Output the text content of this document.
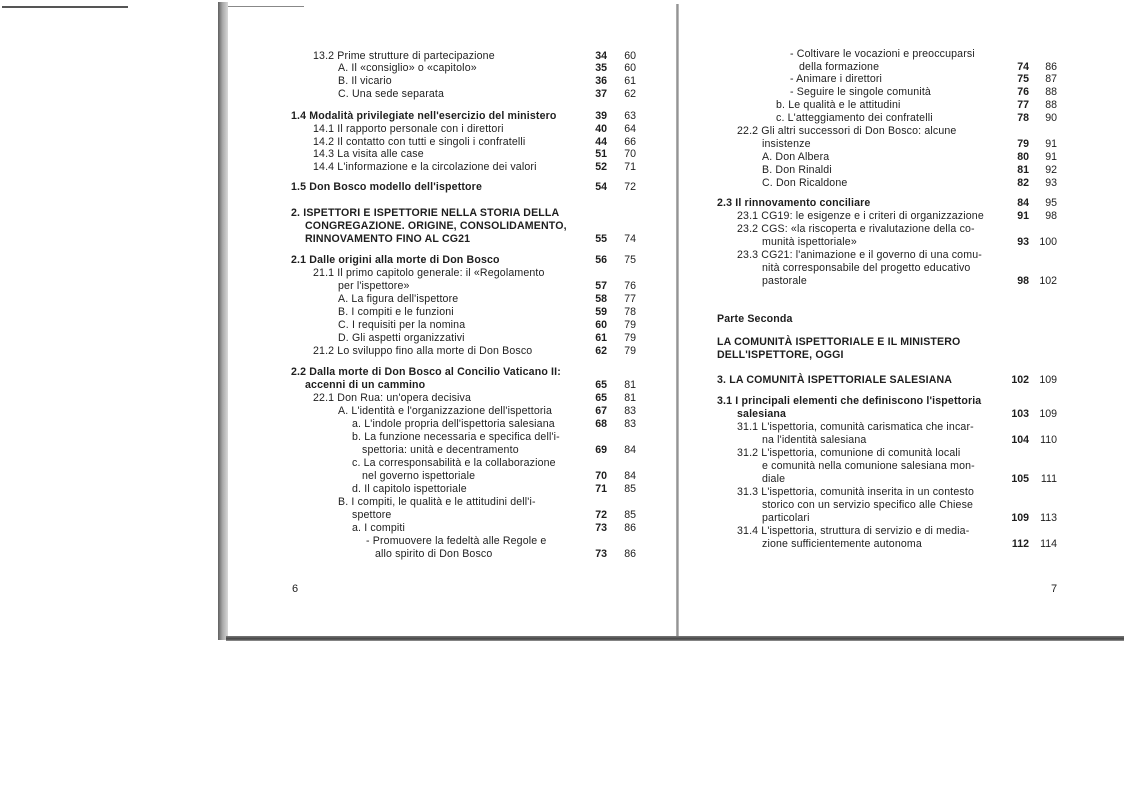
13.2 Prime strutture di partecipazione	34	60
A. Il «consiglio» o «capitolo»	35	60
B. Il vicario	36	61
C. Una sede separata	37	62
1.4 Modalità privilegiate nell'esercizio del ministero	39	63
14.1 Il rapporto personale con i direttori	40	64
14.2 Il contatto con tutti e singoli i confratelli	44	66
14.3 La visita alle case	51	70
14.4 L'informazione e la circolazione dei valori	52	71
1.5 Don Bosco modello dell'ispettore	54	72
2. ISPETTORI E ISPETTORIE NELLA STORIA DELLA
CONGREGAZIONE. ORIGINE, CONSOLIDAMENTO,
RINNOVAMENTO FINO AL CG21	55	74
2.1 Dalle origini alla morte di Don Bosco	56	75
21.1 Il primo capitolo generale: il «Regolamento
per l'ispettore»	57	76
A. La figura dell'ispettore	58	77
B. I compiti e le funzioni	59	78
C. I requisiti per la nomina	60	79
D. Gli aspetti organizzativi	61	79
21.2 Lo sviluppo fino alla morte di Don Bosco	62	79
2.2 Dalla morte di Don Bosco al Concilio Vaticano II:
accenni di un cammino	65	81
22.1 Don Rua: un'opera decisiva	65	81
A. L'identità e l'organizzazione dell'ispettoria	67	83
a. L'indole propria dell'ispettoria salesiana	68	83
b. La funzione necessaria e specifica dell'i-
spettoria: unità e decentramento	69	84
c. La corresponsabilità e la collaborazione
nel governo ispettoriale	70	84
d. Il capitolo ispettoriale	71	85
B. I compiti, le qualità e le attitudini dell'i-
spettore	72	85
a. I compiti	73	86
- Promuovere la fedeltà alle Regole e
allo spirito di Don Bosco	73	86
- Coltivare le vocazioni e preoccuparsi
della formazione	74	86
- Animare i direttori	75	87
- Seguire le singole comunità	76	88
b. Le qualità e le attitudini	77	88
c. L'atteggiamento dei confratelli	78	90
22.2 Gli altri successori di Don Bosco: alcune
insistenze	79	91
A. Don Albera	80	91
B. Don Rinaldi	81	92
C. Don Ricaldone	82	93
2.3 Il rinnovamento conciliare	84	95
23.1 CG19: le esigenze e i criteri di organizzazione	91	98
23.2 CGS: «la riscoperta e rivalutazione della co-
munità ispettoriale»	93 100
23.3 CG21: l'animazione e il governo di una comu-
nità corresponsabile del progetto educativo
pastorale	98 102
Parte Seconda
LA COMUNITÀ ISPETTORIALE E IL MINISTERO
DELL'ISPETTORE, OGGI
3. LA COMUNITÀ ISPETTORIALE SALESIANA	102 109
3.1 I principali elementi che definiscono l'ispettoria
salesiana	103 109
31.1 L'ispettoria, comunità carismatica che incar-
na l'identità salesiana	104	110
31.2 L'ispettoria, comunione di comunità locali
e comunità nella comunione salesiana mon-
diale	105	111
31.3 L'ispettoria, comunità inserita in un contesto
storico con un servizio specifico alle Chiese
particolari	109	113
31.4 L'ispettoria, struttura di servizio e di media-
zione sufficientemente autonoma	112	114
6	7
